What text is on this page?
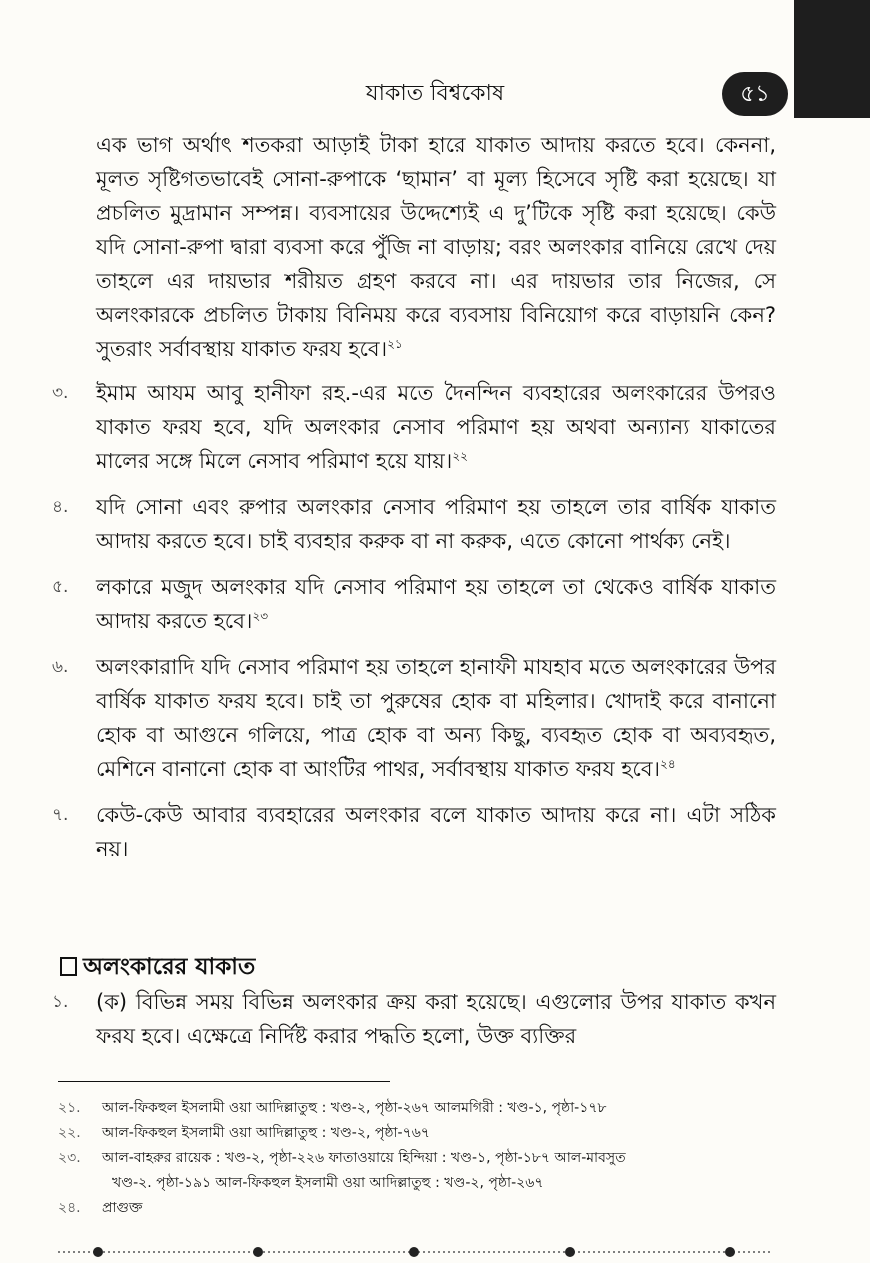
৫১
যাকাত বিশ্বকোষ

এক ভাগ অর্থাৎ শতকরা আড়াই টাকা হারে যাকাত আদায় করতে হবে। কেননা, মূলত সৃষ্টিগতভাবেই সোনা-রুপাকে ‘ছামান’ বা মূল্য হিসেবে সৃষ্টি করা হয়েছে। যা প্রচলিত মুদ্রামান সম্পন্ন। ব্যবসায়ের উদ্দেশ্যেই এ দু’টিকে সৃষ্টি করা হয়েছে। কেউ যদি সোনা-রুপা দ্বারা ব্যবসা করে পুঁজি না বাড়ায়; বরং অলংকার বানিয়ে রেখে দেয় তাহলে এর দায়ভার শরীয়ত গ্রহণ করবে না। এর দায়ভার তার নিজের, সে অলংকারকে প্রচলিত টাকায় বিনিময় করে ব্যবসায় বিনিয়োগ করে বাড়ায়নি কেন? সুতরাং সর্বাবস্থায় যাকাত ফরয হবে।$^{২১}$

৩.	ইমাম আযম আবু হানীফা রহ.-এর মতে দৈনন্দিন ব্যবহারের অলংকারের উপরও যাকাত ফরয হবে, যদি অলংকার নেসাব পরিমাণ হয় অথবা অন্যান্য যাকাতের মালের সঙ্গে মিলে নেসাব পরিমাণ হয়ে যায়।$^{২২}$
৪.	যদি সোনা এবং রুপার অলংকার নেসাব পরিমাণ হয় তাহলে তার বার্ষিক যাকাত আদায় করতে হবে। চাই ব্যবহার করুক বা না করুক, এতে কোনো পার্থক্য নেই।
৫.	লকারে মজুদ অলংকার যদি নেসাব পরিমাণ হয় তাহলে তা থেকেও বার্ষিক যাকাত আদায় করতে হবে।$^{২৩}$
৬.	অলংকারাদি যদি নেসাব পরিমাণ হয় তাহলে হানাফী মাযহাব মতে অলংকারের উপর বার্ষিক যাকাত ফরয হবে। চাই তা পুরুষের হোক বা মহিলার। খোদাই করে বানানো হোক বা আগুনে গলিয়ে, পাত্র হোক বা অন্য কিছু, ব্যবহৃত হোক বা অব্যবহৃত, মেশিনে বানানো হোক বা আংটির পাথর, সর্বাবস্থায় যাকাত ফরয হবে।$^{২৪}$
৭.	কেউ-কেউ আবার ব্যবহারের অলংকার বলে যাকাত আদায় করে না। এটা সঠিক নয়।
অলংকারের যাকাত
১. (ক) বিভিন্ন সময় বিভিন্ন অলংকার ক্রয় করা হয়েছে। এগুলোর উপর যাকাত কখন ফরয হবে। এক্ষেত্রে নির্দিষ্ট করার পদ্ধতি হলো, উক্ত ব্যক্তির
২১. আল-ফিকহুল ইসলামী ওয়া আদিল্লাতুহু : খণ্ড-২, পৃষ্ঠা-২৬৭ আলমগিরী : খণ্ড-১, পৃষ্ঠা-১৭৮
২২. আল-ফিকহুল ইসলামী ওয়া আদিল্লাতুহু : খণ্ড-২, পৃষ্ঠা-৭৬৭
২৩. আল-বাহরুর রায়েক : খণ্ড-২, পৃষ্ঠা-২২৬ ফাতাওয়ায়ে হিন্দিয়া : খণ্ড-১, পৃষ্ঠা-১৮৭ আল-মাবসুত
খণ্ড-২. পৃষ্ঠা-১৯১ আল-ফিকহুল ইসলামী ওয়া আদিল্লাতুহু : খণ্ড-২, পৃষ্ঠা-২৬৭
২৪. প্রাগুক্ত
